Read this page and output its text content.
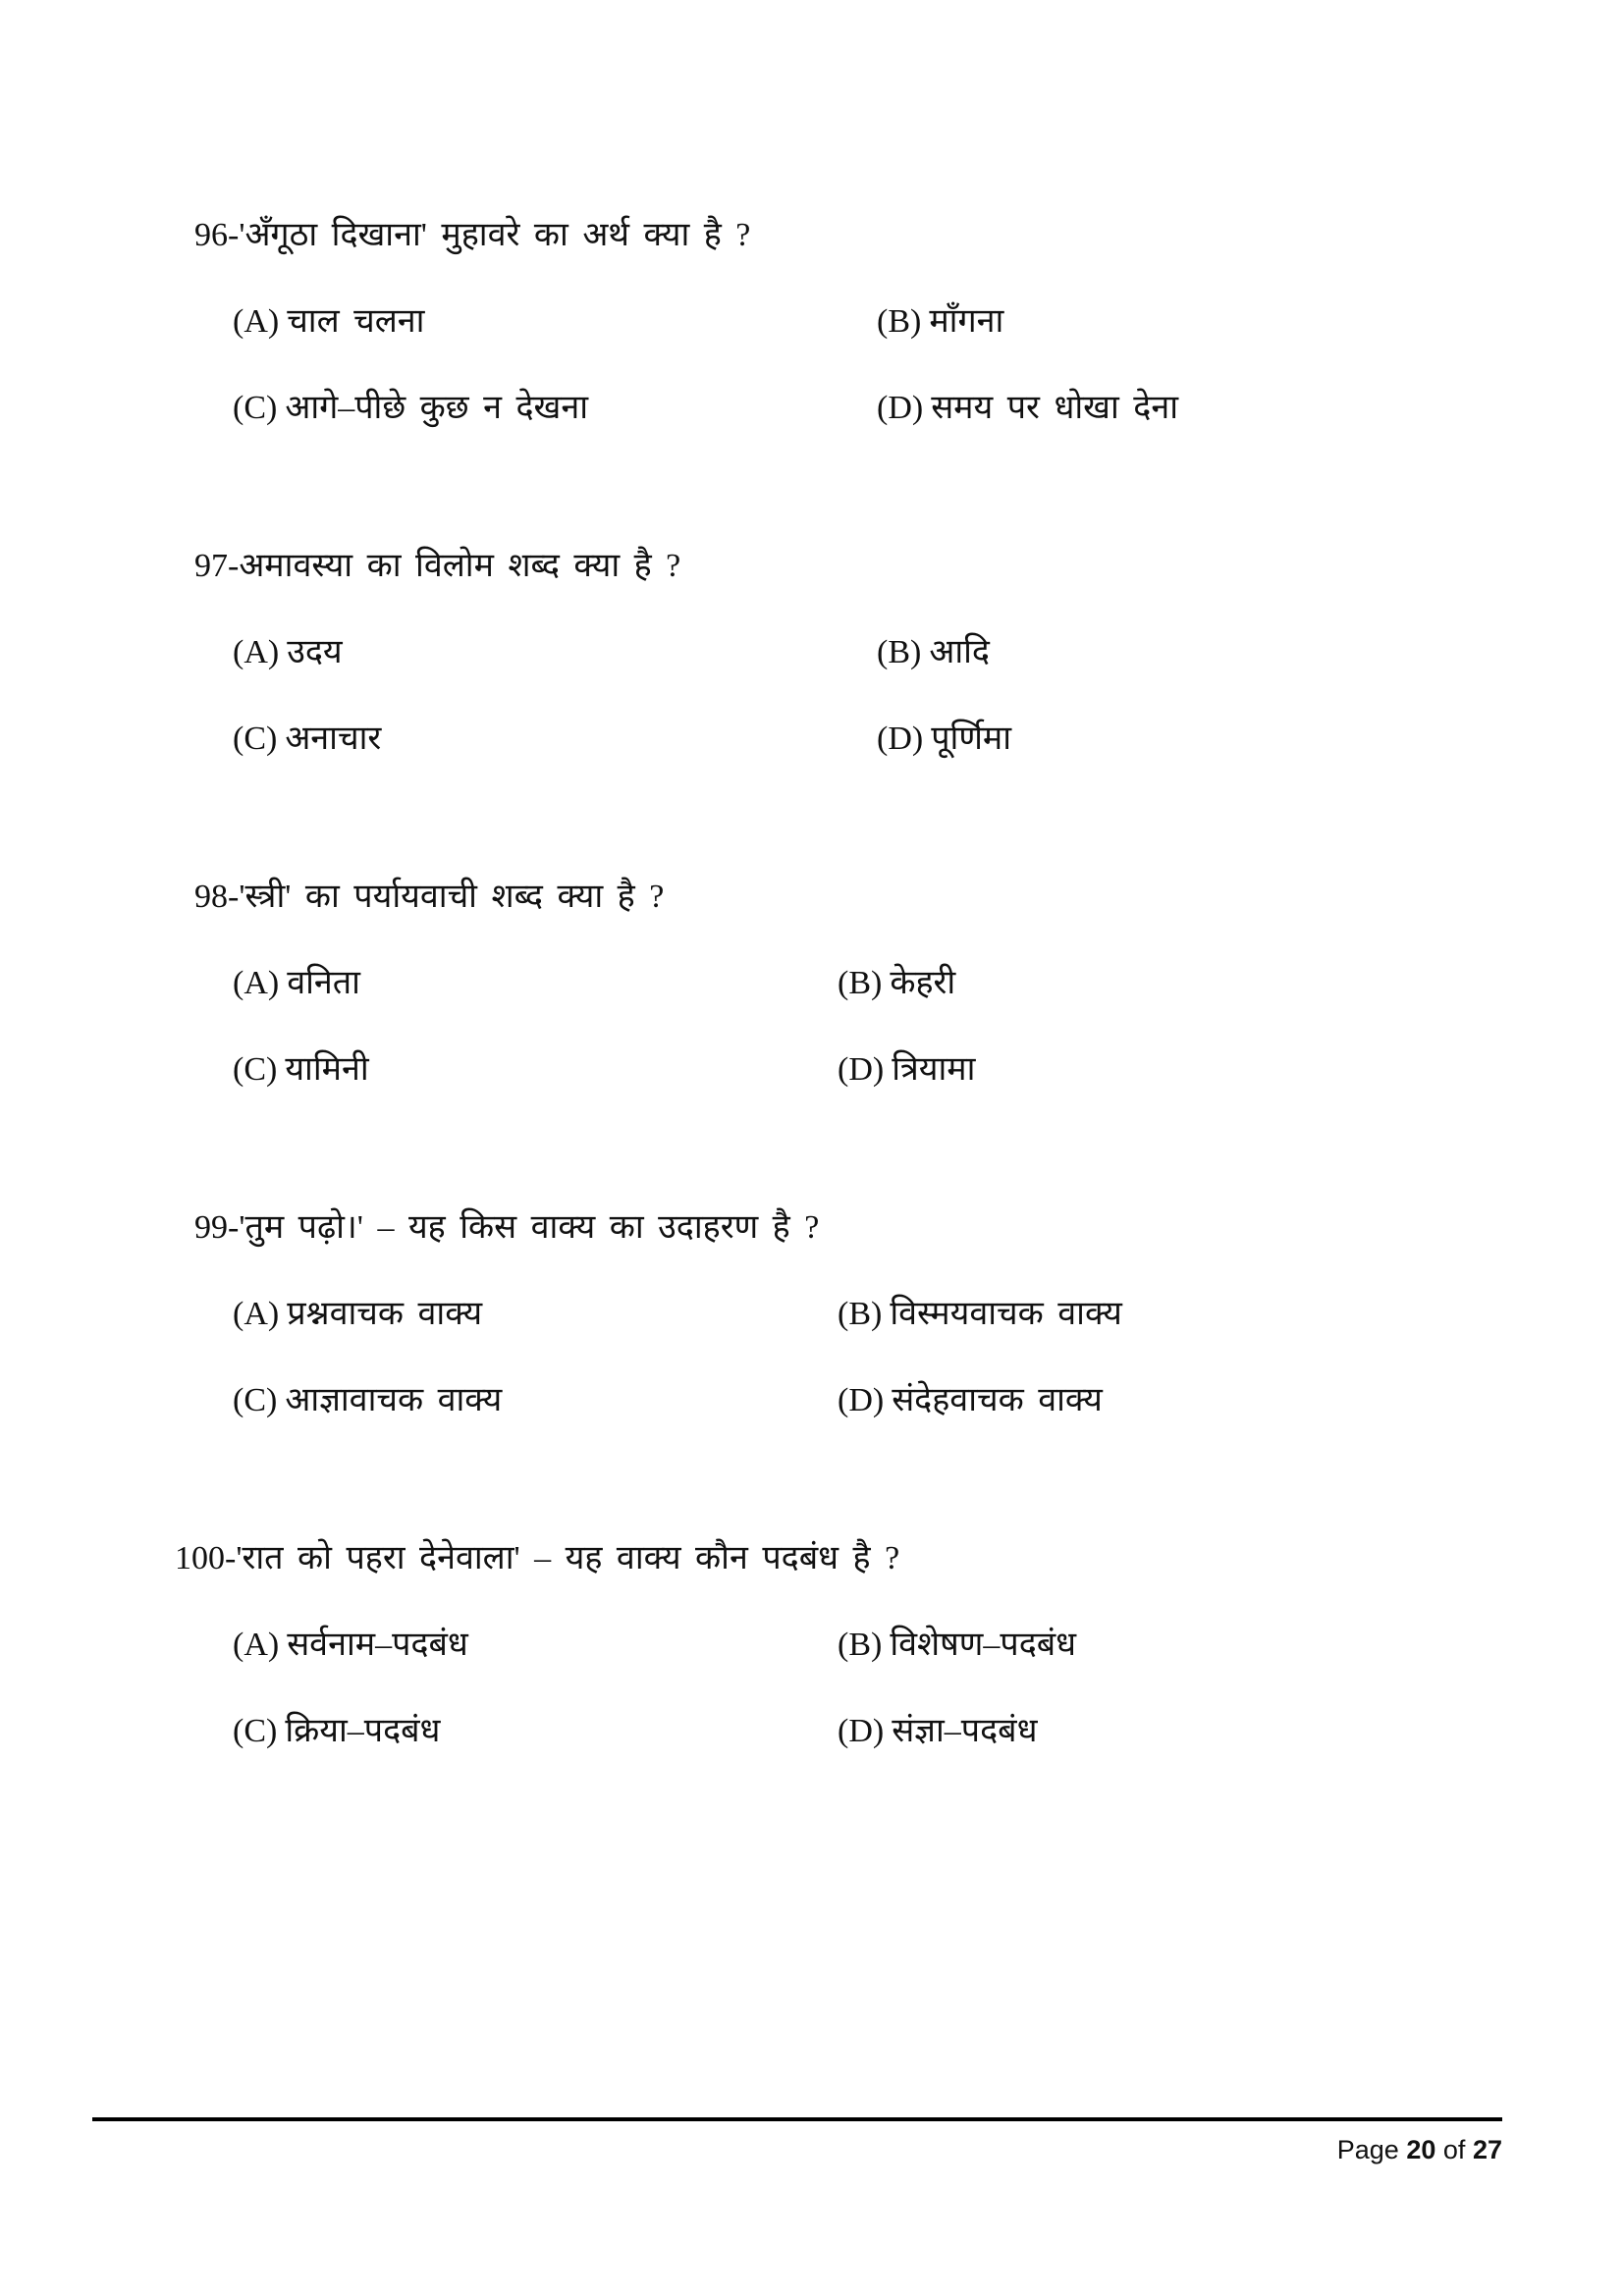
96-'अँगूठा दिखाना' मुहावरे का अर्थ क्या है ?
(A) चाल चलना	(B) माँगना
(C) आगे–पीछे कुछ न देखना	(D) समय पर धोखा देना
97-अमावस्या का विलोम शब्द क्या है ?
(A) उदय	(B) आदि
(C) अनाचार	(D) पूर्णिमा
98-'स्त्री' का पर्यायवाची शब्द क्या है ?
(A) वनिता	(B) केहरी
(C) यामिनी	(D) त्रियामा
99-'तुम पढ़ो।' – यह किस वाक्य का उदाहरण है ?
(A) प्रश्नवाचक वाक्य	(B) विस्मयवाचक वाक्य
(C) आज्ञावाचक वाक्य	(D) संदेहवाचक वाक्य
100-'रात को पहरा देनेवाला' – यह वाक्य कौन पदबंध है ?
(A) सर्वनाम–पदबंध	(B) विशेषण–पदबंध
(C) क्रिया–पदबंध	(D) संज्ञा–पदबंध
Page 20 of 27
